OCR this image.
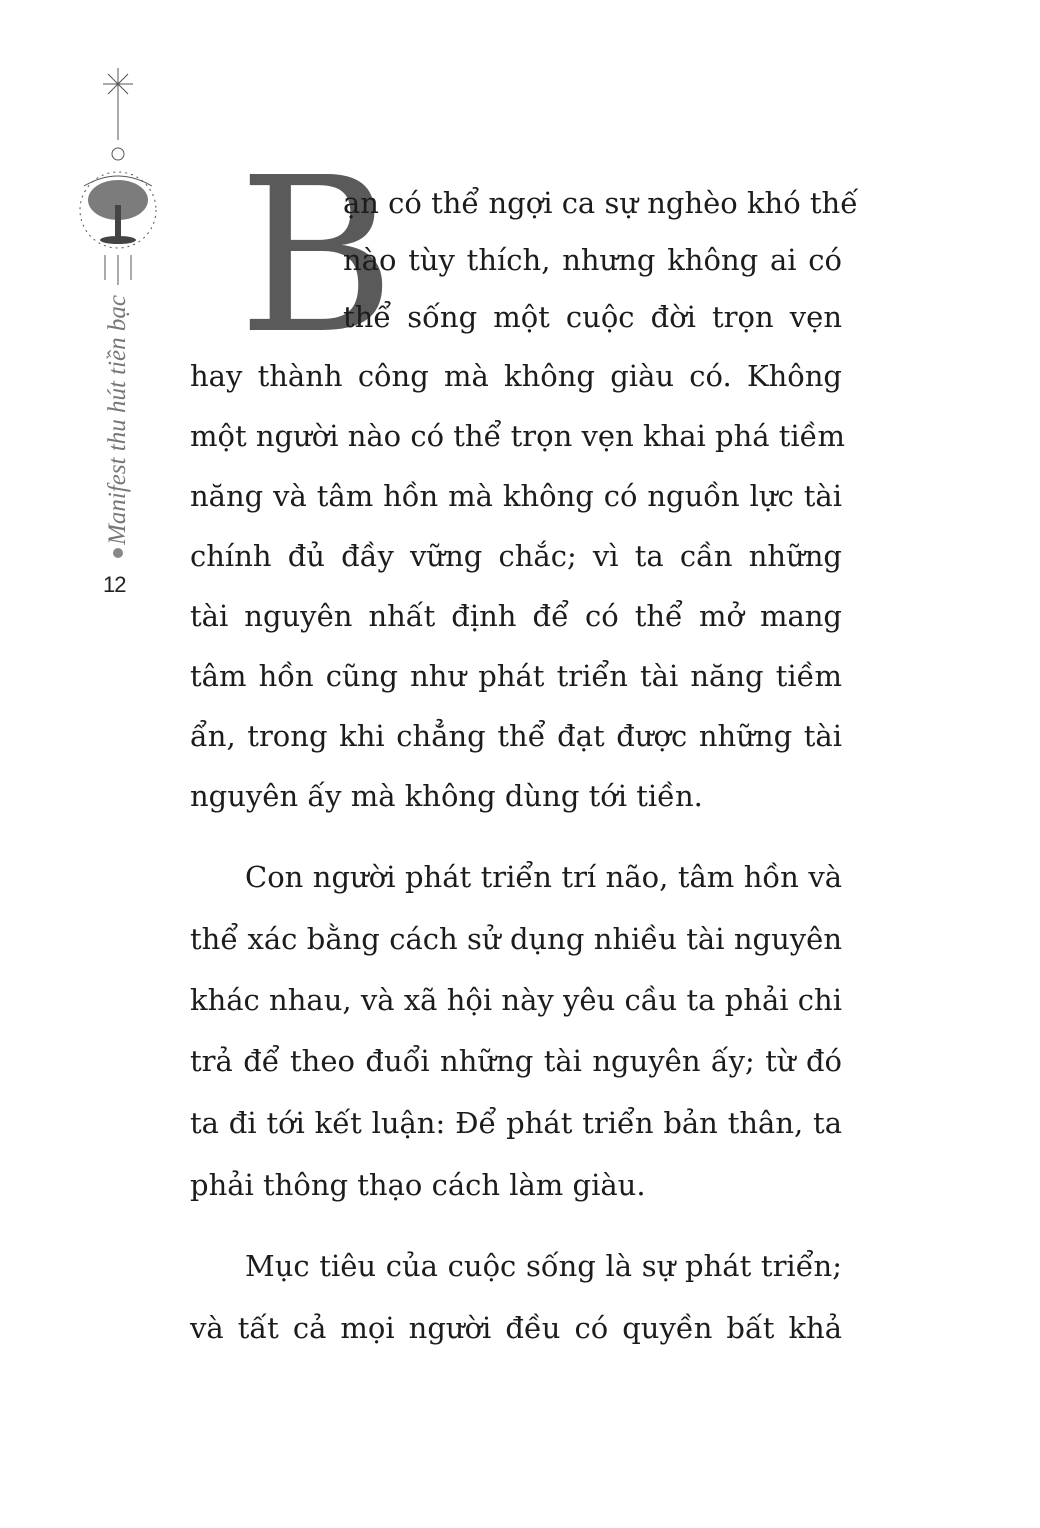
Manifest thu hút tiền bạc
12
B
ạn có thể ngợi ca sự nghèo khó thế
nào tùy thích, nhưng không ai có
thể sống một cuộc đời trọn vẹn
hay thành công mà không giàu có. Không
một người nào có thể trọn vẹn khai phá tiềm
năng và tâm hồn mà không có nguồn lực tài
chính đủ đầy vững chắc; vì ta cần những
tài nguyên nhất định để có thể mở mang
tâm hồn cũng như phát triển tài năng tiềm
ẩn, trong khi chẳng thể đạt được những tài
nguyên ấy mà không dùng tới tiền.
Con người phát triển trí não, tâm hồn và
thể xác bằng cách sử dụng nhiều tài nguyên
khác nhau, và xã hội này yêu cầu ta phải chi
trả để theo đuổi những tài nguyên ấy; từ đó
ta đi tới kết luận: Để phát triển bản thân, ta
phải thông thạo cách làm giàu.
Mục tiêu của cuộc sống là sự phát triển;
và tất cả mọi người đều có quyền bất khả
